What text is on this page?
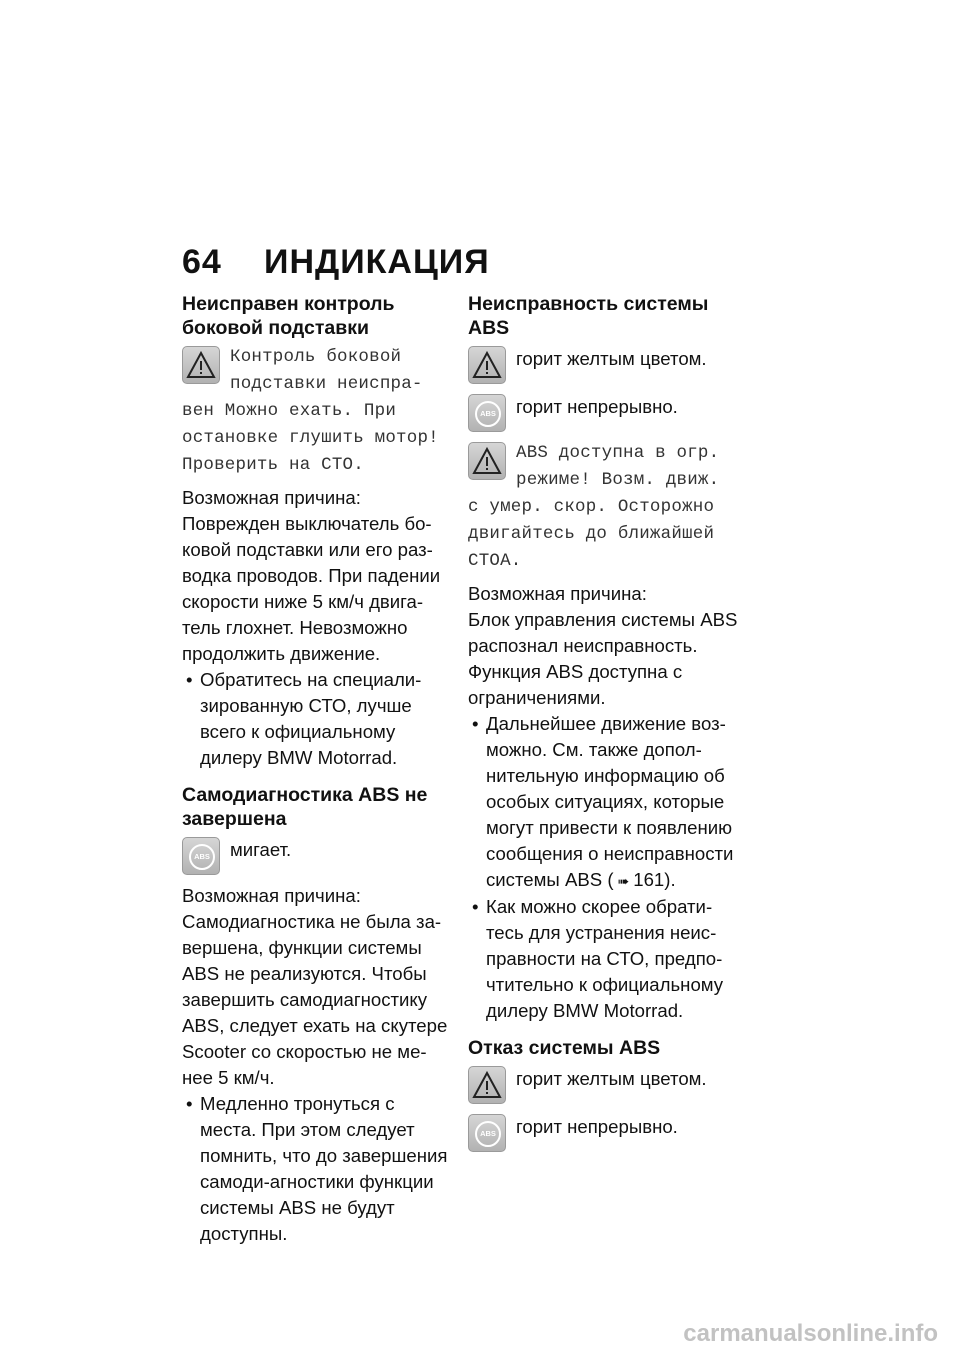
64 ИНДИКАЦИЯ
Неисправен контроль боковой подставки

Контроль боковой подставки неиспра-вен Можно ехать. При остановке глушить мотор! Проверить на СТО.

Возможная причина:

Поврежден выключатель бо-ковой подставки или его раз-водка проводов. При падении скорости ниже 5 км/ч двига-тель глохнет. Невозможно продолжить движение.

• Обратитесь на специали-зированную СТО, лучше всего к официальному дилеру BMW Motorrad.

Самодиагностика ABS не завершена
ABS	мигает.

Возможная причина:

Самодиагностика не была за-вершена, функции системы ABS не реализуются. Чтобы завершить самодиагностику ABS, следует ехать на скутере Scooter со скоростью не ме-нее 5 км/ч.

• Медленно тронуться с места. При этом следует помнить, что до завершения самоди-агностики функции системы ABS не будут доступны.

Неисправность системы ABS

горит желтым цветом.

ABS	горит непрерывно.

ABS доступна в огр. режиме! Возм. движ. с умер. скор. Осторожно двигайтесь до ближайшей СТОА.

Возможная причина:

Блок управления системы ABS распознал неисправность. Функция ABS доступна с ограничениями.

• Дальнейшее движение воз-можно. См. также допол-нительную информацию об особых ситуациях, которые могут привести к появлению сообщения о неисправности системы ABS ( ➠ 161).

• Как можно скорее обрати-тесь для устранения неис-правности на СТО, предпо-чтительно к официальному дилеру BMW Motorrad.

Отказ системы ABS

горит желтым цветом.

ABS	горит непрерывно.

carmanualsonline.info
